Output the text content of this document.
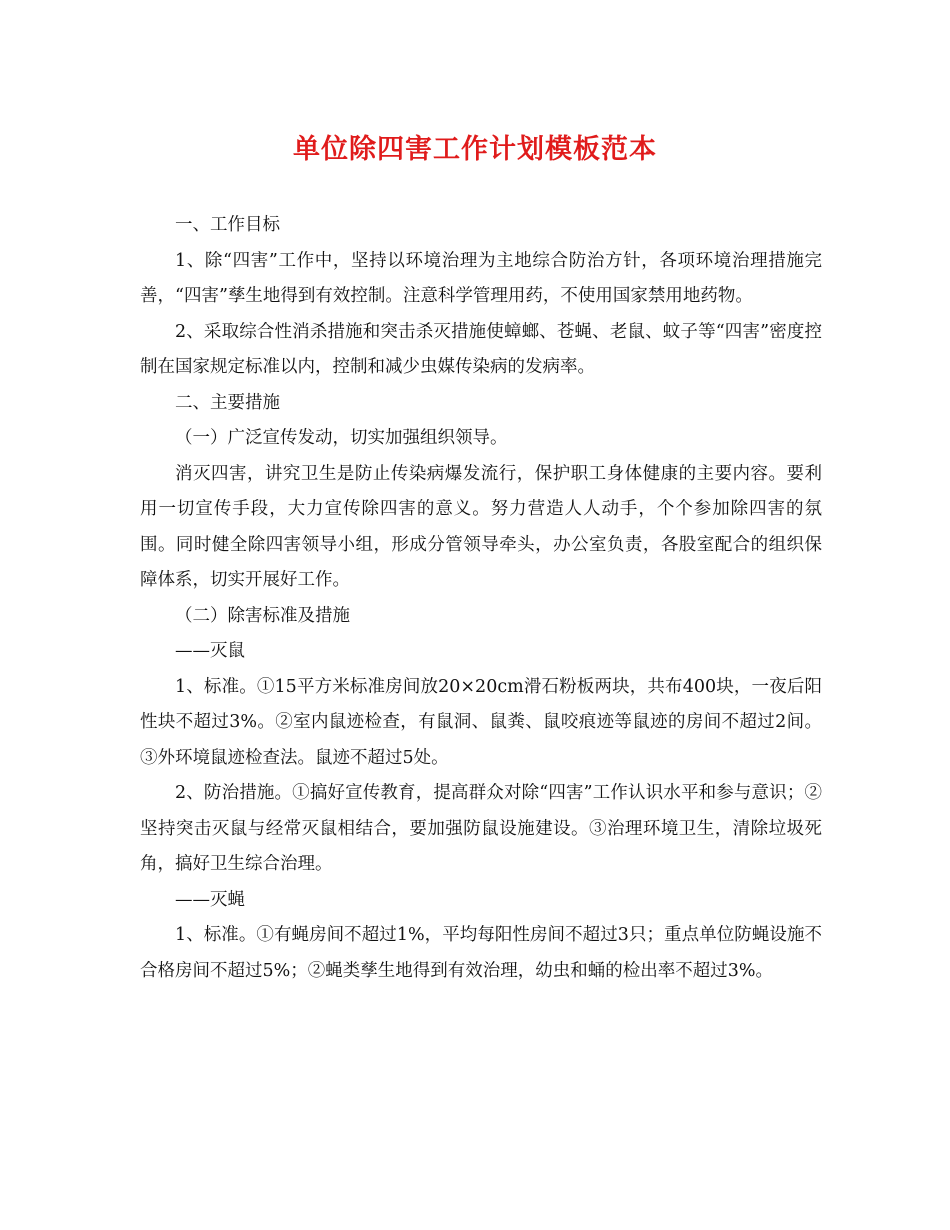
单位除四害工作计划模板范本

一、工作目标

1、除“四害”工作中，坚持以环境治理为主地综合防治方针，各项环境治理措施完善，“四害”孳生地得到有效控制。注意科学管理用药，不使用国家禁用地药物。

2、采取综合性消杀措施和突击杀灭措施使蟑螂、苍蝇、老鼠、蚊子等“四害”密度控制在国家规定标准以内，控制和减少虫媒传染病的发病率。

二、主要措施

（一）广泛宣传发动，切实加强组织领导。

消灭四害，讲究卫生是防止传染病爆发流行，保护职工身体健康的主要内容。要利用一切宣传手段，大力宣传除四害的意义。努力营造人人动手，个个参加除四害的氛围。同时健全除四害领导小组，形成分管领导牵头，办公室负责，各股室配合的组织保障体系，切实开展好工作。

（二）除害标准及措施

——灭鼠

1、标准。①15平方米标准房间放20×20cm滑石粉板两块，共布400块，一夜后阳性块不超过3%。②室内鼠迹检查，有鼠洞、鼠粪、鼠咬痕迹等鼠迹的房间不超过2间。③外环境鼠迹检查法。鼠迹不超过5处。

2、防治措施。①搞好宣传教育，提高群众对除“四害”工作认识水平和参与意识；②坚持突击灭鼠与经常灭鼠相结合，要加强防鼠设施建设。③治理环境卫生，清除垃圾死角，搞好卫生综合治理。

——灭蝇

1、标准。①有蝇房间不超过1%，平均每阳性房间不超过3只；重点单位防蝇设施不合格房间不超过5%；②蝇类孳生地得到有效治理，幼虫和蛹的检出率不超过3%。
